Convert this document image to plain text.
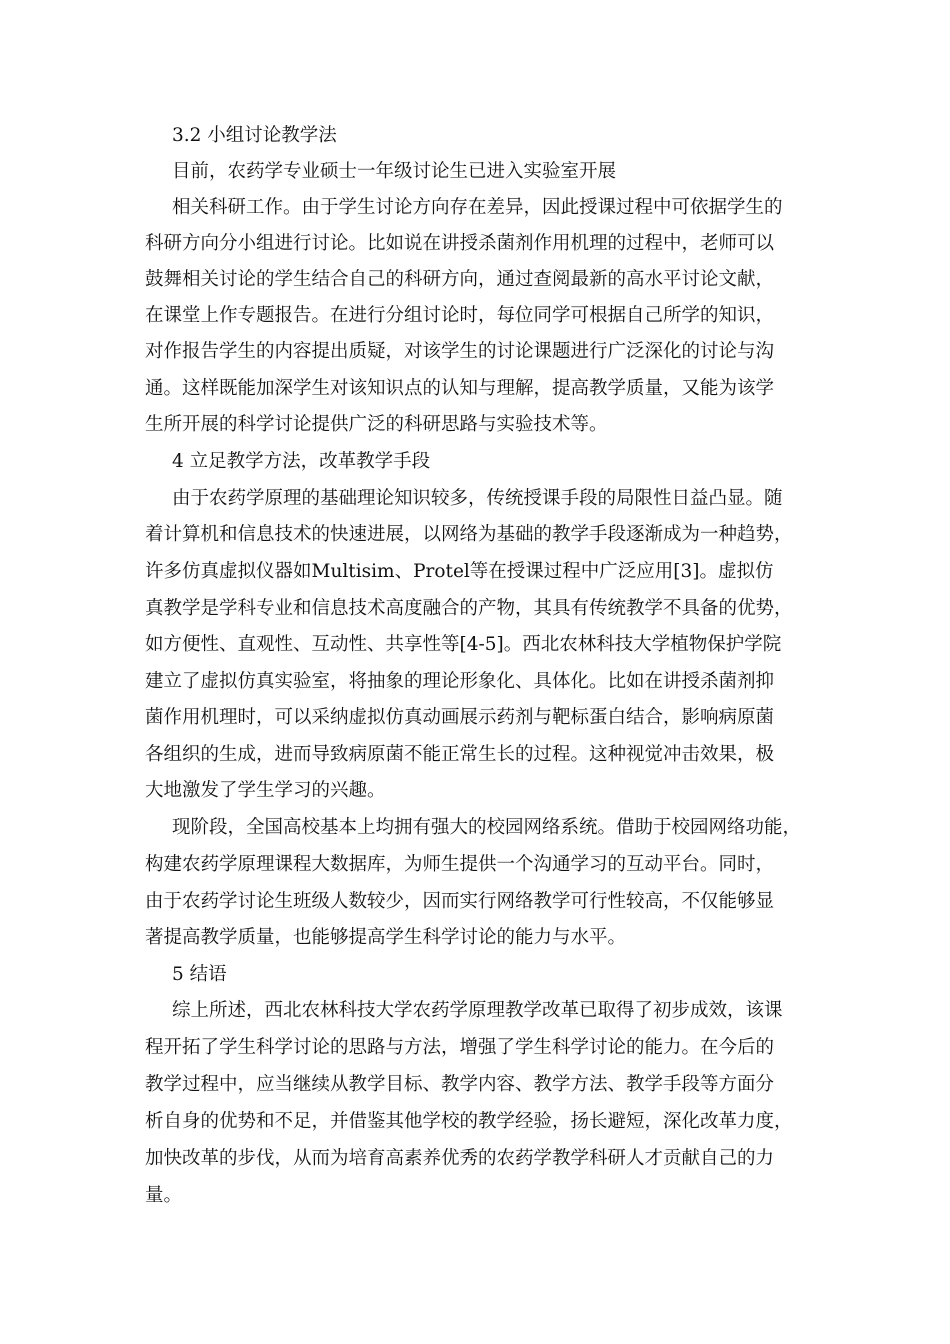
3.2 小组讨论教学法
目前，农药学专业硕士一年级讨论生已进入实验室开展
相关科研工作。由于学生讨论方向存在差异，因此授课过程中可依据学生的
科研方向分小组进行讨论。比如说在讲授杀菌剂作用机理的过程中，老师可以
鼓舞相关讨论的学生结合自己的科研方向，通过查阅最新的高水平讨论文献，
在课堂上作专题报告。在进行分组讨论时，每位同学可根据自己所学的知识，
对作报告学生的内容提出质疑，对该学生的讨论课题进行广泛深化的讨论与沟
通。这样既能加深学生对该知识点的认知与理解，提高教学质量，又能为该学
生所开展的科学讨论提供广泛的科研思路与实验技术等。
4 立足教学方法，改革教学手段
由于农药学原理的基础理论知识较多，传统授课手段的局限性日益凸显。随
着计算机和信息技术的快速进展，以网络为基础的教学手段逐渐成为一种趋势，
许多仿真虚拟仪器如Multisim、Protel等在授课过程中广泛应用[3]。虚拟仿
真教学是学科专业和信息技术高度融合的产物，其具有传统教学不具备的优势，
如方便性、直观性、互动性、共享性等[4-5]。西北农林科技大学植物保护学院
建立了虚拟仿真实验室，将抽象的理论形象化、具体化。比如在讲授杀菌剂抑
菌作用机理时，可以采纳虚拟仿真动画展示药剂与靶标蛋白结合，影响病原菌
各组织的生成，进而导致病原菌不能正常生长的过程。这种视觉冲击效果，极
大地激发了学生学习的兴趣。
现阶段，全国高校基本上均拥有强大的校园网络系统。借助于校园网络功能，
构建农药学原理课程大数据库，为师生提供一个沟通学习的互动平台。同时，
由于农药学讨论生班级人数较少，因而实行网络教学可行性较高，不仅能够显
著提高教学质量，也能够提高学生科学讨论的能力与水平。
5 结语
综上所述，西北农林科技大学农药学原理教学改革已取得了初步成效，该课
程开拓了学生科学讨论的思路与方法，增强了学生科学讨论的能力。在今后的
教学过程中，应当继续从教学目标、教学内容、教学方法、教学手段等方面分
析自身的优势和不足，并借鉴其他学校的教学经验，扬长避短，深化改革力度，
加快改革的步伐，从而为培育高素养优秀的农药学教学科研人才贡献自己的力
量。
